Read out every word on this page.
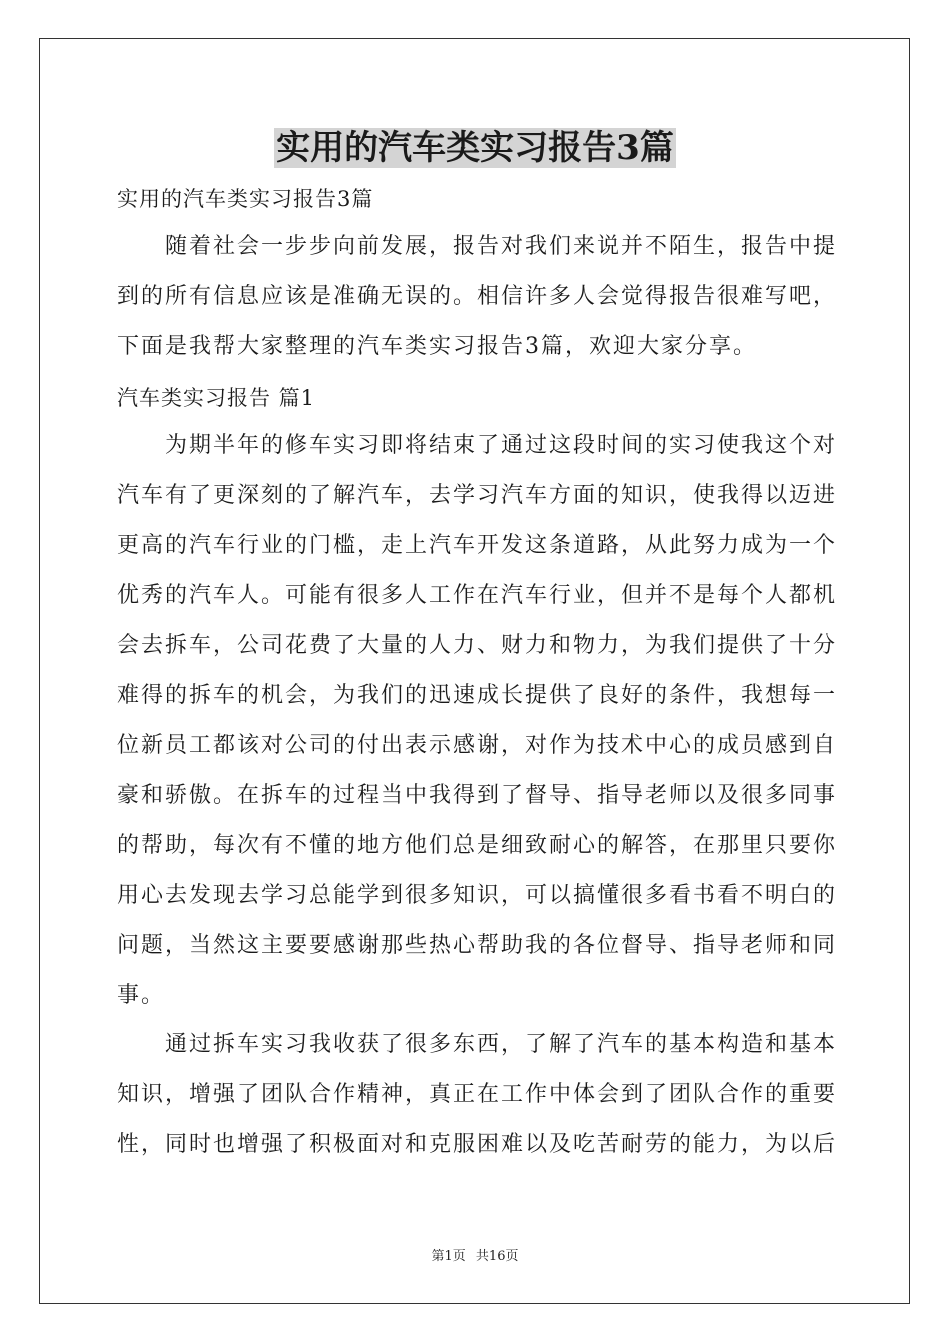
实用的汽车类实习报告3篇
实用的汽车类实习报告3篇

随着社会一步步向前发展，报告对我们来说并不陌生，报告中提到的所有信息应该是准确无误的。相信许多人会觉得报告很难写吧，下面是我帮大家整理的汽车类实习报告3篇，欢迎大家分享。

汽车类实习报告 篇1

为期半年的修车实习即将结束了通过这段时间的实习使我这个对汽车有了更深刻的了解汽车，去学习汽车方面的知识，使我得以迈进更高的汽车行业的门槛，走上汽车开发这条道路，从此努力成为一个优秀的汽车人。可能有很多人工作在汽车行业，但并不是每个人都机会去拆车，公司花费了大量的人力、财力和物力，为我们提供了十分难得的拆车的机会，为我们的迅速成长提供了良好的条件，我想每一位新员工都该对公司的付出表示感谢，对作为技术中心的成员感到自豪和骄傲。在拆车的过程当中我得到了督导、指导老师以及很多同事的帮助，每次有不懂的地方他们总是细致耐心的解答，在那里只要你用心去发现去学习总能学到很多知识，可以搞懂很多看书看不明白的问题，当然这主要要感谢那些热心帮助我的各位督导、指导老师和同事。

通过拆车实习我收获了很多东西，了解了汽车的基本构造和基本知识，增强了团队合作精神，真正在工作中体会到了团队合作的重要性，同时也增强了积极面对和克服困难以及吃苦耐劳的能力，为以后

第1页 共16页
